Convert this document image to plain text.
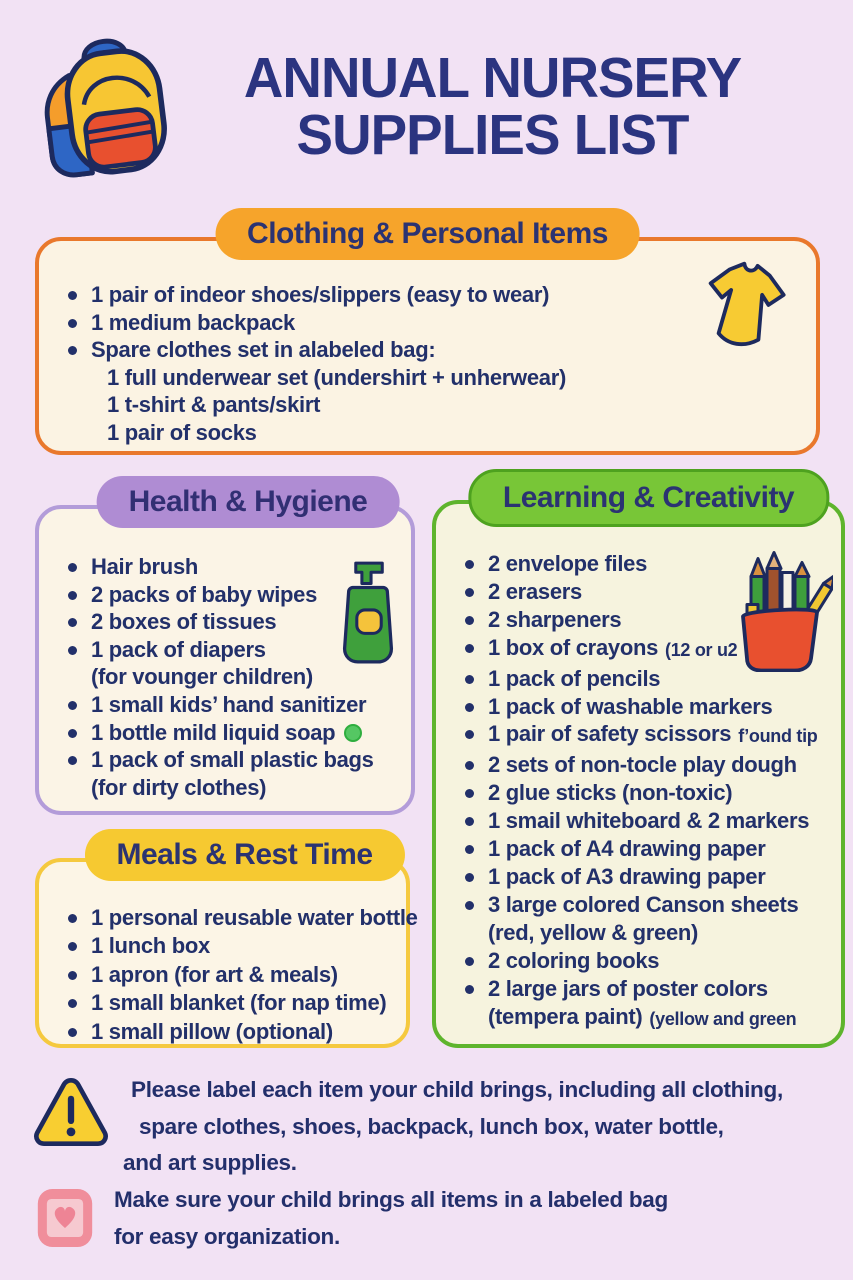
ANNUAL NURSERY
SUPPLIES LIST
Clothing & Personal Items
1 pair of indeor shoes/slippers (easy to wear)
1 medium backpack
Spare clothes set in alabeled bag:
1 full underwear set (undershirt + unherwear)
1 t-shirt & pants/skirt
1 pair of socks
Health & Hygiene
Hair brush
2 packs of baby wipes
2 boxes of tissues
1 pack of diapers
(for vounger children)
1 small kids’ hand sanitizer
1 bottle mild liquid soap
1 pack of small plastic bags
(for dirty clothes)
Learning & Creativity
2 envelope files
2 erasers
2 sharpeners
1 box of crayons (12 or u2
1 pack of pencils
1 pack of washable markers
1 pair of safety scissors f’ound tip
2 sets of non-tocle play dough
2 glue sticks (non-toxic)
1 smail whiteboard & 2 markers
1 pack of A4 drawing paper
1 pack of A3 drawing paper
3 large colored Canson sheets
(red, yellow & green)
2 coloring books
2 large jars of poster colors
(tempera paint) (yellow and green
Meals & Rest Time
1 personal reusable water bottle
1 lunch box
1 apron (for art & meals)
1 small blanket (for nap time)
1 small pillow (optional)
Please label each item your child brings, including all clothing,
spare clothes, shoes, backpack, lunch box, water bottle,
and art supplies.
Make sure your child brings all items in a labeled bag
for easy organization.
